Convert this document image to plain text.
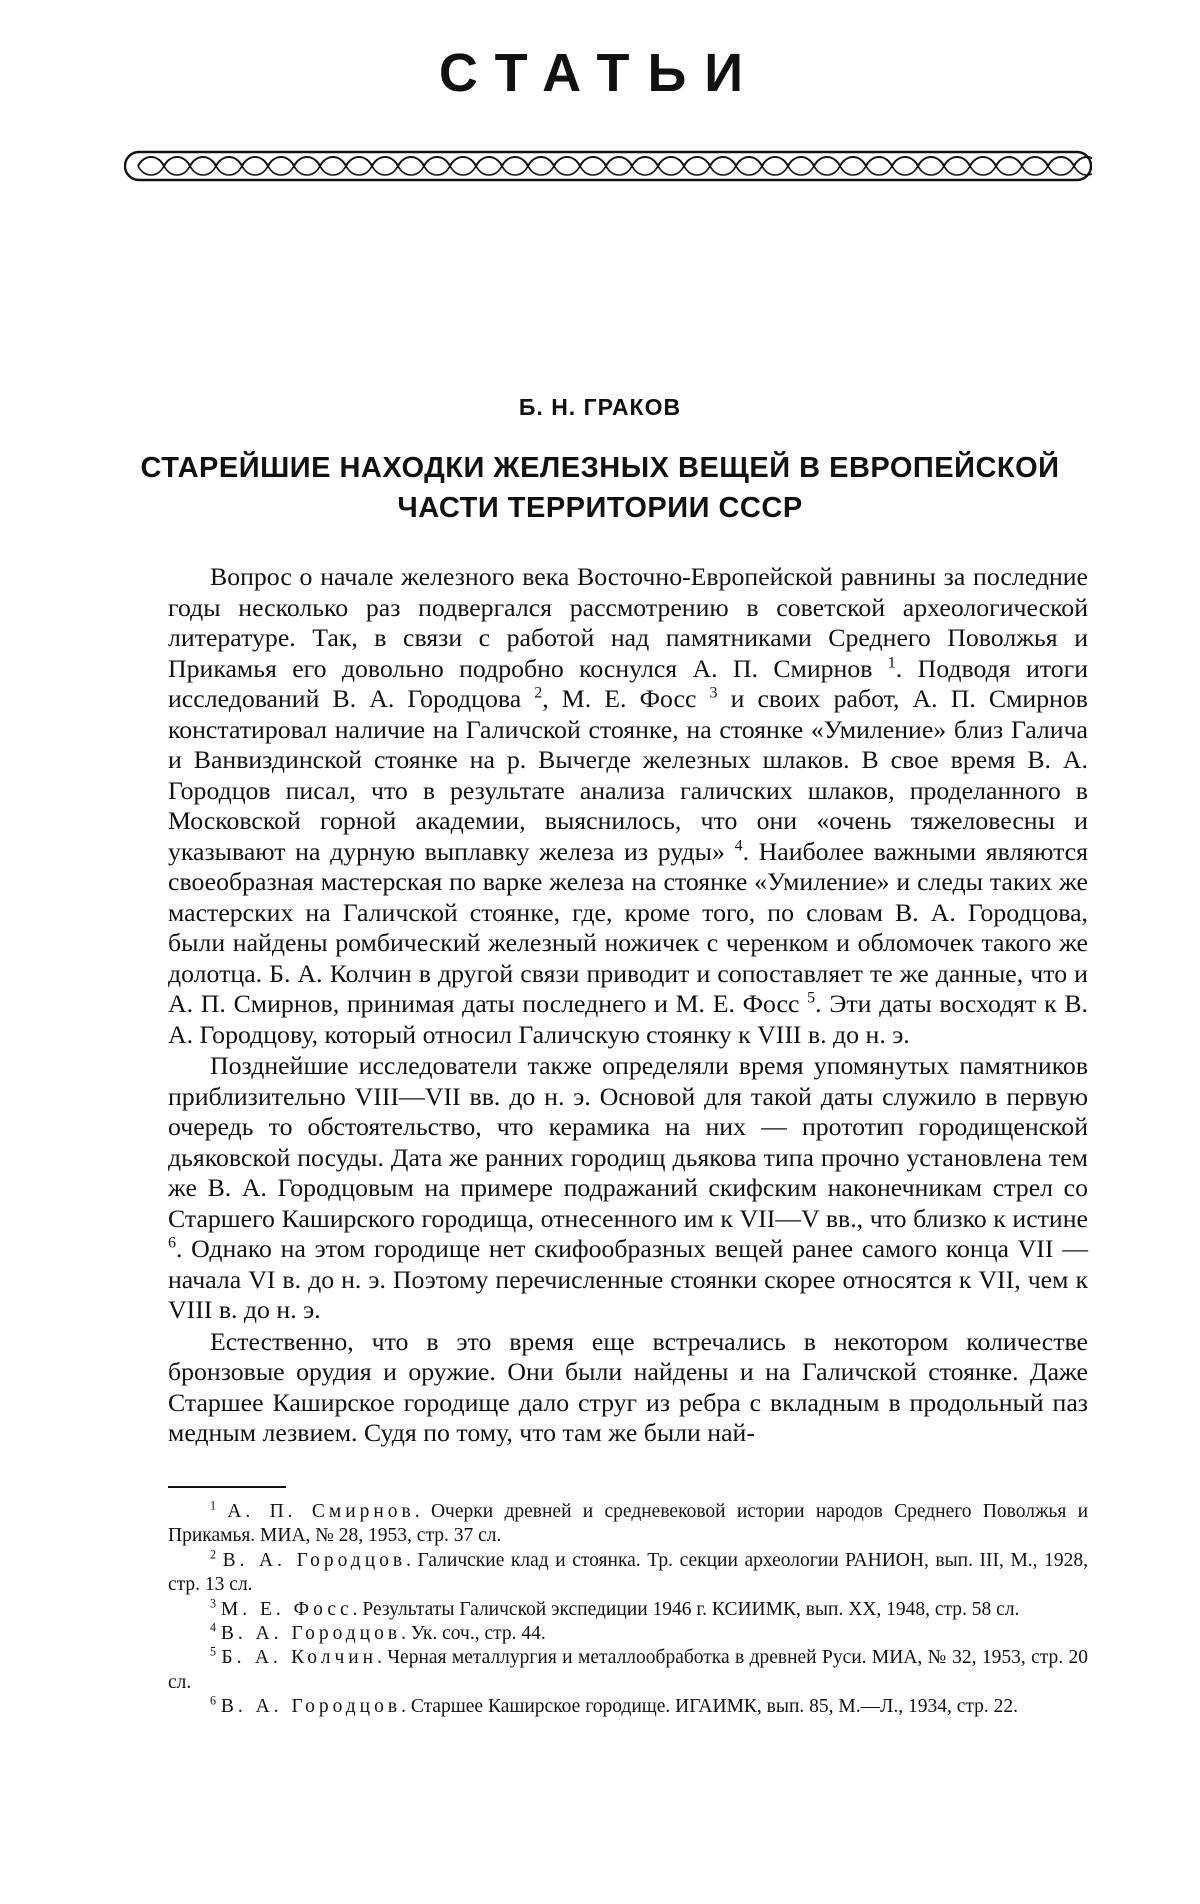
СТАТЬИ
Б. Н. ГРАКОВ
СТАРЕЙШИЕ НАХОДКИ ЖЕЛЕЗНЫХ ВЕЩЕЙ В ЕВРОПЕЙСКОЙ
ЧАСТИ ТЕРРИТОРИИ СССР

Вопрос о начале железного века Восточно-Европейской равнины за последние годы несколько раз подвергался рассмотрению в советской археологической литературе. Так, в связи с работой над памятниками Среднего Поволжья и Прикамья его довольно подробно коснулся А. П. Смирнов $^1$. Подводя итоги исследований В. А. Городцова $^2$, М. Е. Фосс $^3$ и своих работ, А. П. Смирнов констатировал наличие на Галичской стоянке, на стоянке «Умиление» близ Галича и Ванвиздинской стоянке на р. Вычегде железных шлаков. В свое время В. А. Городцов писал, что в результате анализа галичских шлаков, проделанного в Московской горной академии, выяснилось, что они «очень тяжеловесны и указывают на дурную выплавку железа из руды» $^4$. Наиболее важными являются своеобразная мастерская по варке железа на стоянке «Умиление» и следы таких же мастерских на Галичской стоянке, где, кроме того, по словам В. А. Городцова, были найдены ромбический железный ножичек с черенком и обломочек такого же долотца. Б. А. Колчин в другой связи приводит и сопоставляет те же данные, что и А. П. Смирнов, принимая даты последнего и М. Е. Фосс $^5$. Эти даты восходят к В. А. Городцову, который относил Галичскую стоянку к VIII в. до н. э.

Позднейшие исследователи также определяли время упомянутых памятников приблизительно VIII—VII вв. до н. э. Основой для такой даты служило в первую очередь то обстоятельство, что керамика на них — прототип городищенской дьяковской посуды. Дата же ранних городищ дьякова типа прочно установлена тем же В. А. Городцовым на примере подражаний скифским наконечникам стрел со Старшего Каширского городища, отнесенного им к VII—V вв., что близко к истине $^6$. Однако на этом городище нет скифообразных вещей ранее самого конца VII — начала VI в. до н. э. Поэтому перечисленные стоянки скорее относятся к VII, чем к VIII в. до н. э.

Естественно, что в это время еще встречались в некотором количестве бронзовые орудия и оружие. Они были найдены и на Галичской стоянке. Даже Старшее Каширское городище дало струг из ребра с вкладным в продольный паз медным лезвием. Судя по тому, что там же были най-

$^1$ А. П. Смирнов. Очерки древней и средневековой истории народов Среднего Поволжья и Прикамья. МИА, № 28, 1953, стр. 37 сл.
$^2$ В. А. Городцов. Галичские клад и стоянка. Тр. секции археологии РАНИОН, вып. III, М., 1928, стр. 13 сл.
$^3$ М. Е. Фосс. Результаты Галичской экспедиции 1946 г. КСИИМК, вып. XX, 1948, стр. 58 сл.
$^4$ В. А. Городцов. Ук. соч., стр. 44.
$^5$ Б. А. Колчин. Черная металлургия и металлообработка в древней Руси. МИА, № 32, 1953, стр. 20 сл.
$^6$ В. А. Городцов. Старшее Каширское городище. ИГАИМК, вып. 85, М.—Л., 1934, стр. 22.
